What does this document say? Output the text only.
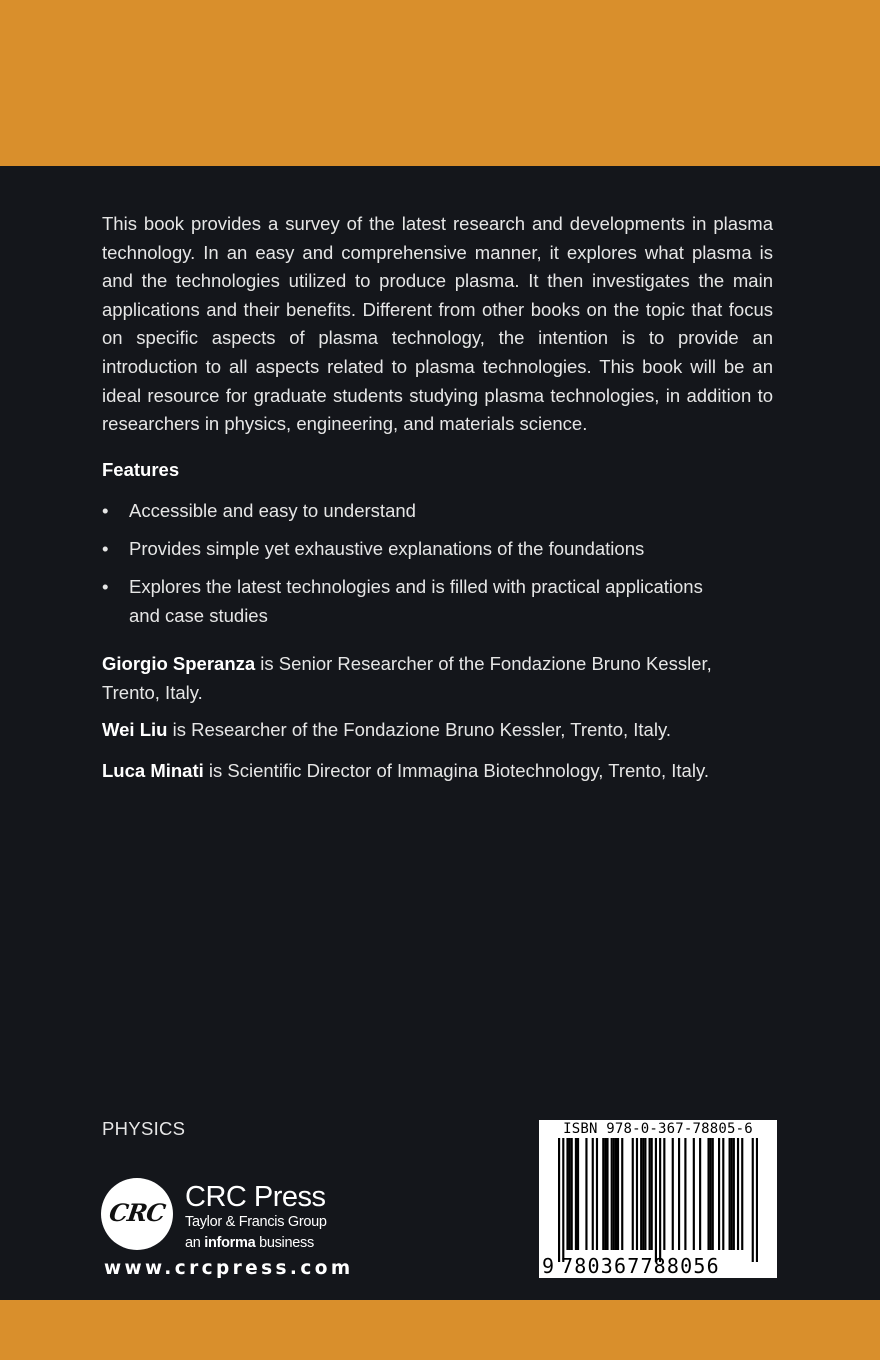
This book provides a survey of the latest research and developments in plasma technology. In an easy and comprehensive manner, it explores what plasma is and the technologies utilized to produce plasma. It then investigates the main applications and their benefits. Different from other books on the topic that focus on specific aspects of plasma technology, the intention is to provide an introduction to all aspects related to plasma technologies. This book will be an ideal resource for graduate students studying plasma technologies, in addition to researchers in physics, engineering, and materials science.

Features
• Accessible and easy to understand
• Provides simple yet exhaustive explanations of the foundations
• Explores the latest technologies and is filled with practical applications and case studies

Giorgio Speranza is Senior Researcher of the Fondazione Bruno Kessler, Trento, Italy.

Wei Liu is Researcher of the Fondazione Bruno Kessler, Trento, Italy.

Luca Minati is Scientific Director of Immagina Biotechnology, Trento, Italy.

PHYSICS
CRC CRC Press
Taylor & Francis Group
an informa business
www.crcpress.com
ISBN 978-0-367-78805-6
9 780367788056
